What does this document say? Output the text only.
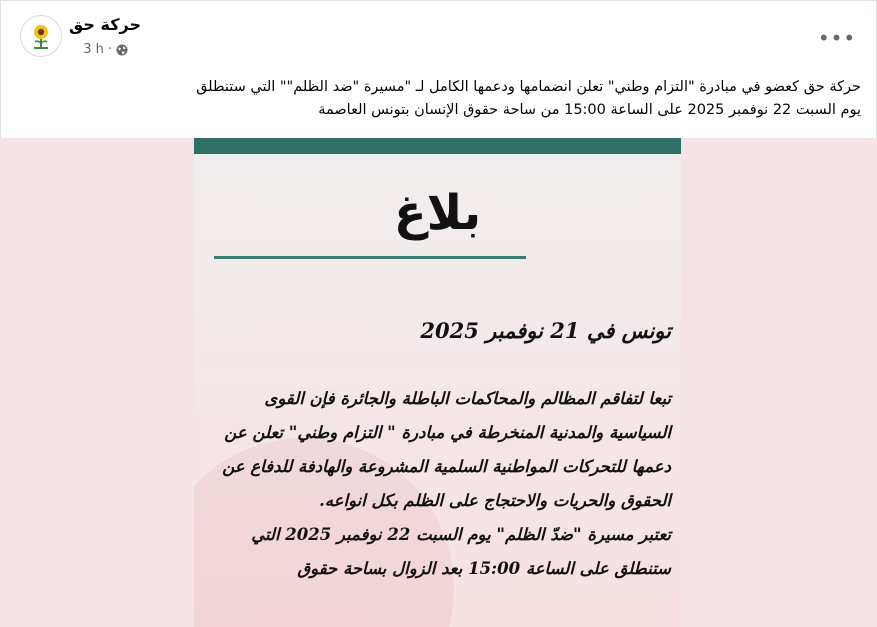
حركة حق
3 h ·	•••
حركة حق كعضو في مبادرة "التزام وطني" تعلن انضمامها ودعمها الكامل لـ "مسيرة "ضد الظلم"" التي ستنطلق
يوم السبت 22 نوفمبر 2025 على الساعة 15:00 من ساحة حقوق الإنسان بتونس العاصمة
بلاغ
تونس في 21 نوفمبر 2025

تبعا لتفاقم المظالم والمحاكمات الباطلة والجائرة فإن القوى السياسية والمدنية المنخرطة في مبادرة " التزام وطني" تعلن عن دعمها للتحركات المواطنية السلمية المشروعة والهادفة للدفاع عن الحقوق والحريات والاحتجاج على الظلم بكل انواعه.

تعتبر مسيرة "ضدّ الظلم" يوم السبت 22 نوفمبر 2025 التي ستنطلق على الساعة 15:00 بعد الزوال بساحة حقوق
